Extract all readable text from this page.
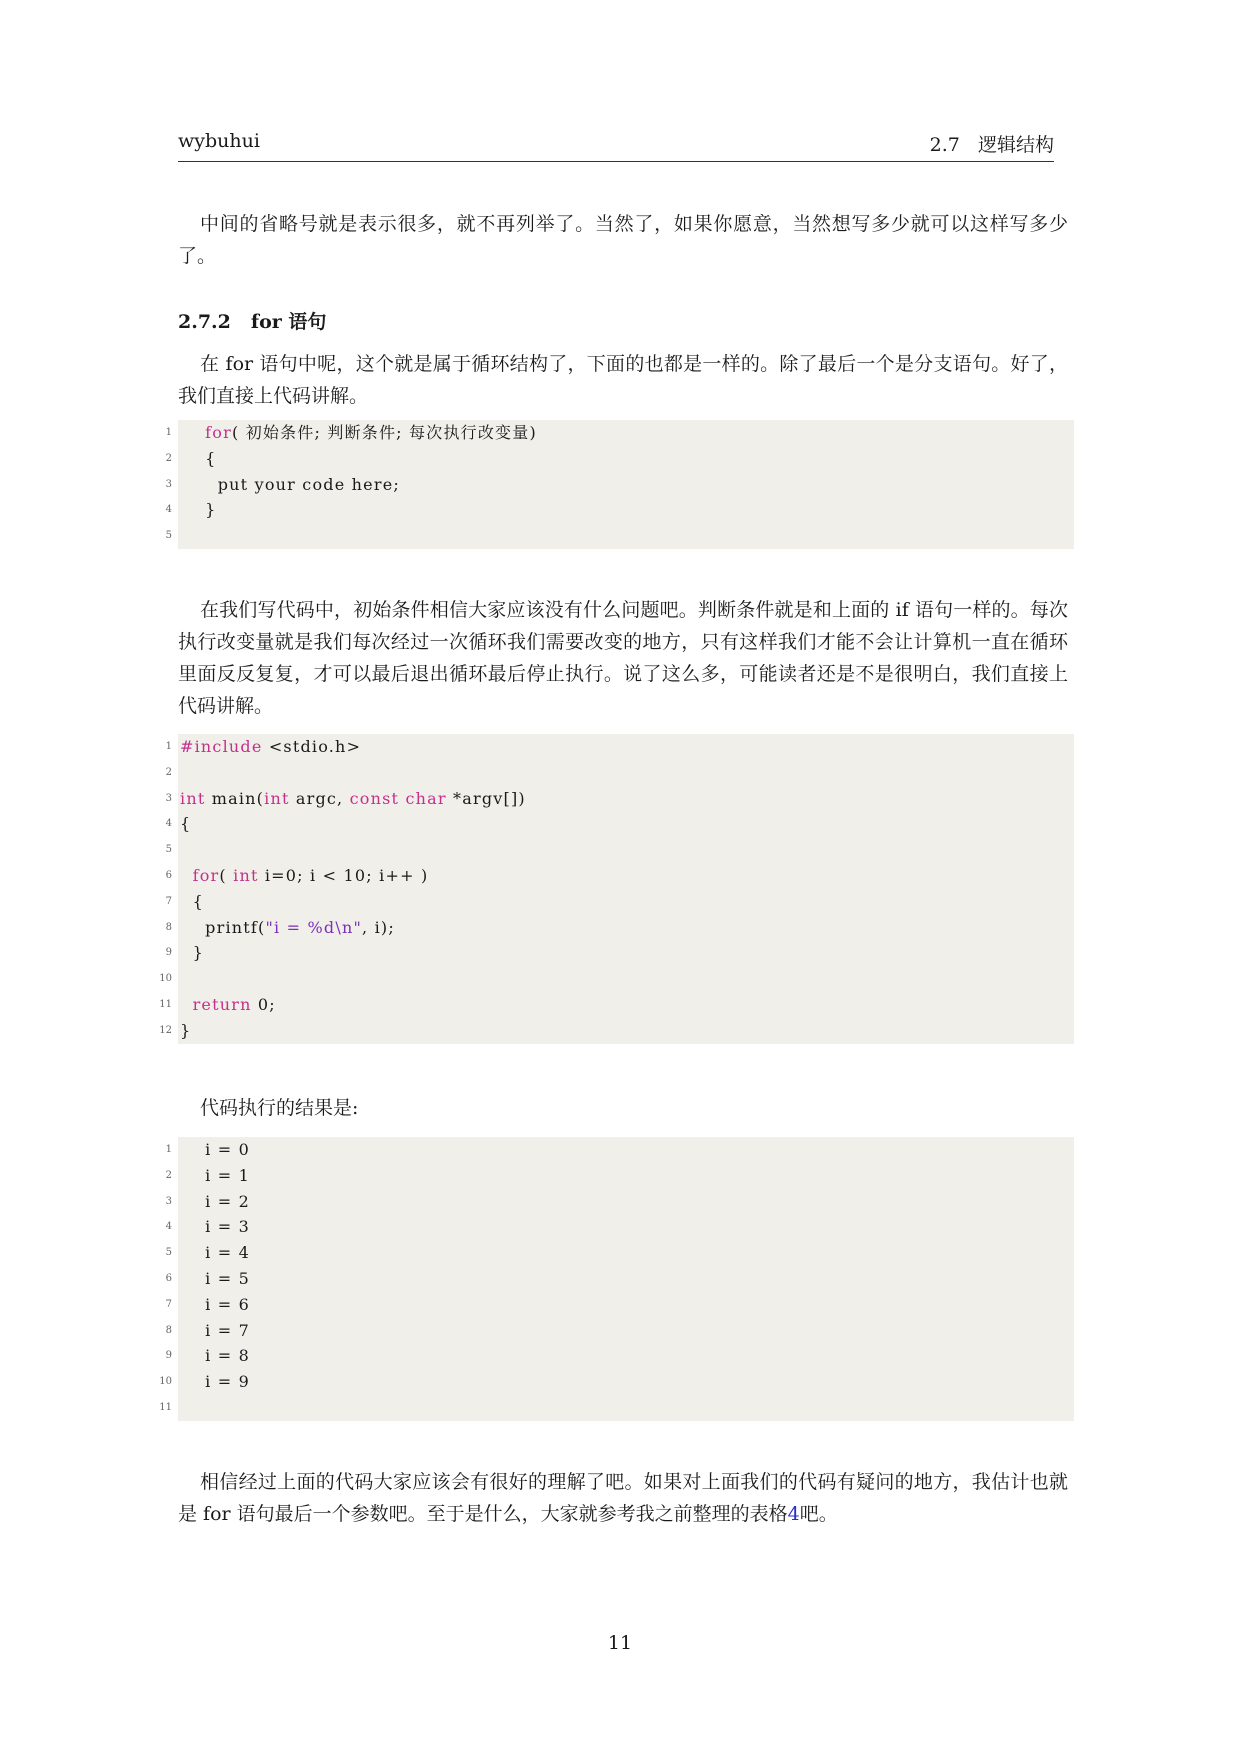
wybuhui	2.7   逻辑结构

中间的省略号就是表示很多，就不再列举了。当然了，如果你愿意，当然想写多少就可以这样写多少了。

2.7.2 for 语句

在 for 语句中呢，这个就是属于循环结构了，下面的也都是一样的。除了最后一个是分支语句。好了，我们直接上代码讲解。

1	for( 初始条件; 判断条件; 每次执行改变量)
2	{
3	put your code here;
4	}
5

在我们写代码中，初始条件相信大家应该没有什么问题吧。判断条件就是和上面的 if 语句一样的。每次执行改变量就是我们每次经过一次循环我们需要改变的地方，只有这样我们才能不会让计算机一直在循环里面反反复复，才可以最后退出循环最后停止执行。说了这么多，可能读者还是不是很明白，我们直接上代码讲解。

1 #include <stdio.h>
2
3 int main(int argc, const char *argv[])
4 {
5
6	for( int i=0; i < 10; i++ )
7	{
8	printf("i = %d\n", i);
9	}
10
11	return 0;
12 }

代码执行的结果是:

1 i = 0
2 i = 1
3 i = 2
4 i = 3
5 i = 4
6 i = 5
7 i = 6
8 i = 7
9 i = 8
10 i = 9
11

相信经过上面的代码大家应该会有很好的理解了吧。如果对上面我们的代码有疑问的地方，我估计也就是 for 语句最后一个参数吧。至于是什么，大家就参考我之前整理的表格4吧。

11
